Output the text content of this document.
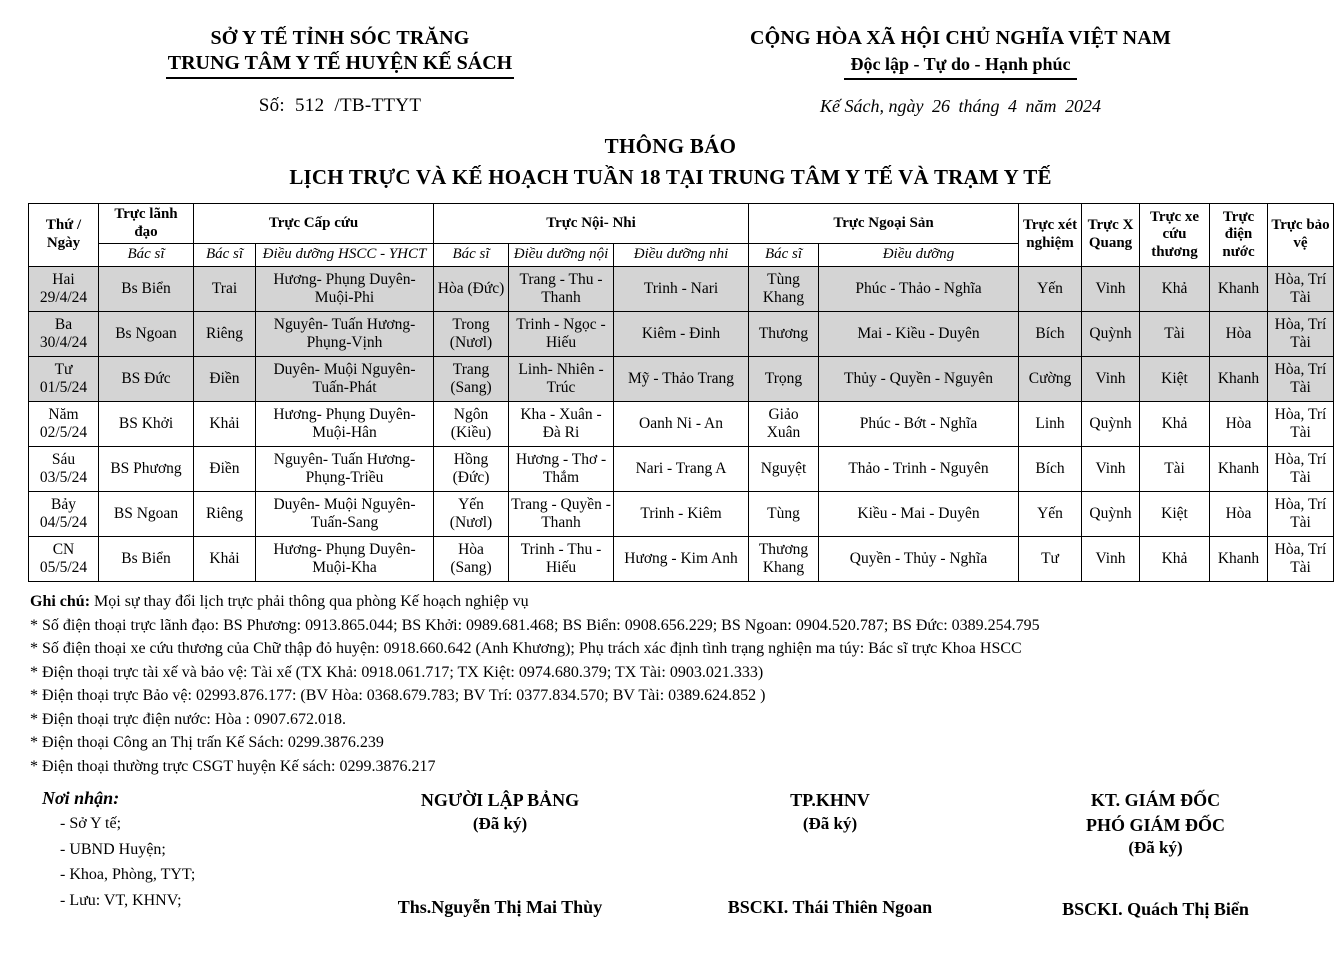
SỞ Y TẾ TỈNH SÓC TRĂNG
TRUNG TÂM Y TẾ HUYỆN KẾ SÁCH
Số: 512 /TB-TTYT
CỘNG HÒA XÃ HỘI CHỦ NGHĨA VIỆT NAM
Độc lập - Tự do - Hạnh phúc
Kế Sách, ngày 26 tháng 4 năm 2024
THÔNG BÁO
LỊCH TRỰC VÀ KẾ HOẠCH TUẦN 18 TẠI TRUNG TÂM Y TẾ VÀ TRẠM Y TẾ
Thứ / Ngày	Trực lãnh đạo	Trực Cấp cứu		Trực Nội- Nhi			Trực Ngoại Sản		Trực xét nghiệm	Trực X Quang	Trực xe cứu thương	Trực điện nước	Trực bảo vệ
	Bác sĩ	Bác sĩ	Điều dưỡng HSCC - YHCT	Bác sĩ	Điều dưỡng nội	Điều dưỡng nhi	Bác sĩ	Điều dưỡng					

Hai
29/4/24	Bs Biển	Trai	Hương- Phụng Duyên- Muội-Phi	Hòa (Đức)	Trang - Thu - Thanh	Trinh - Nari	Tùng Khang	Phúc - Thảo - Nghĩa	Yến	Vinh	Khả	Khanh	Hòa, Trí Tài

Ba
30/4/24	Bs Ngoan	Riêng	Nguyên- Tuấn Hương- Phụng-Vịnh	Trong (Nươl)	Trinh - Ngọc - Hiếu	Kiêm - Đinh	Thương	Mai - Kiều - Duyên	Bích	Quỳnh	Tài	Hòa	Hòa, Trí Tài

Tư
01/5/24	BS Đức	Điền	Duyên- Muội Nguyên- Tuấn-Phát	Trang (Sang)	Linh- Nhiên - Trúc	Mỹ - Thảo Trang	Trọng	Thủy - Quyền - Nguyên	Cường	Vinh	Kiệt	Khanh	Hòa, Trí Tài

Năm
02/5/24	BS Khởi	Khải	Hương- Phụng Duyên- Muội-Hân	Ngôn (Kiều)	Kha - Xuân - Đà Ri	Oanh Ni - An	Giảo Xuân	Phúc - Bớt - Nghĩa	Linh	Quỳnh	Khả	Hòa	Hòa, Trí Tài

Sáu
03/5/24	BS Phương	Điền	Nguyên- Tuấn Hương- Phụng-Triều	Hồng (Đức)	Hương - Thơ - Thắm	Nari - Trang A	Nguyệt	Thảo - Trinh - Nguyên	Bích	Vinh	Tài	Khanh	Hòa, Trí Tài

Bảy
04/5/24	BS Ngoan	Riêng	Duyên- Muội Nguyên- Tuấn-Sang	Yến (Nươl)	Trang - Quyền - Thanh	Trinh - Kiêm	Tùng	Kiều - Mai - Duyên	Yến	Quỳnh	Kiệt	Hòa	Hòa, Trí Tài

CN
05/5/24	Bs Biển	Khải	Hương- Phụng Duyên- Muội-Kha	Hòa (Sang)	Trinh - Thu - Hiếu	Hương - Kim Anh	Thương Khang	Quyền - Thủy - Nghĩa	Tư	Vinh	Khả	Khanh	Hòa, Trí Tài
Ghi chú: Mọi sự thay đổi lịch trực phải thông qua phòng Kế hoạch nghiệp vụ
* Số điện thoại trực lãnh đạo: BS Phương: 0913.865.044; BS Khởi: 0989.681.468; BS Biển: 0908.656.229; BS Ngoan: 0904.520.787; BS Đức: 0389.254.795
* Số điện thoại xe cứu thương của Chữ thập đỏ huyện: 0918.660.642 (Anh Khương); Phụ trách xác định tình trạng nghiện ma túy: Bác sĩ trực Khoa HSCC
* Điện thoại trực tài xế và bảo vệ: Tài xế (TX Khả: 0918.061.717; TX Kiệt: 0974.680.379; TX Tài: 0903.021.333)
* Điện thoại trực Bảo vệ: 02993.876.177: (BV Hòa: 0368.679.783; BV Trí: 0377.834.570; BV Tài: 0389.624.852 )
* Điện thoại trực điện nước: Hòa : 0907.672.018.
* Điện thoại Công an Thị trấn Kế Sách: 0299.3876.239
* Điện thoại thường trực CSGT huyện Kế sách: 0299.3876.217
Nơi nhận:
- Sở Y tế;
- UBND Huyện;
- Khoa, Phòng, TYT;
- Lưu: VT, KHNV;
NGƯỜI LẬP BẢNG
(Đã ký)
Ths.Nguyễn Thị Mai Thùy
TP.KHNV
(Đã ký)
BSCKI. Thái Thiên Ngoan
KT. GIÁM ĐỐC
PHÓ GIÁM ĐỐC
(Đã ký)
BSCKI. Quách Thị Biển
